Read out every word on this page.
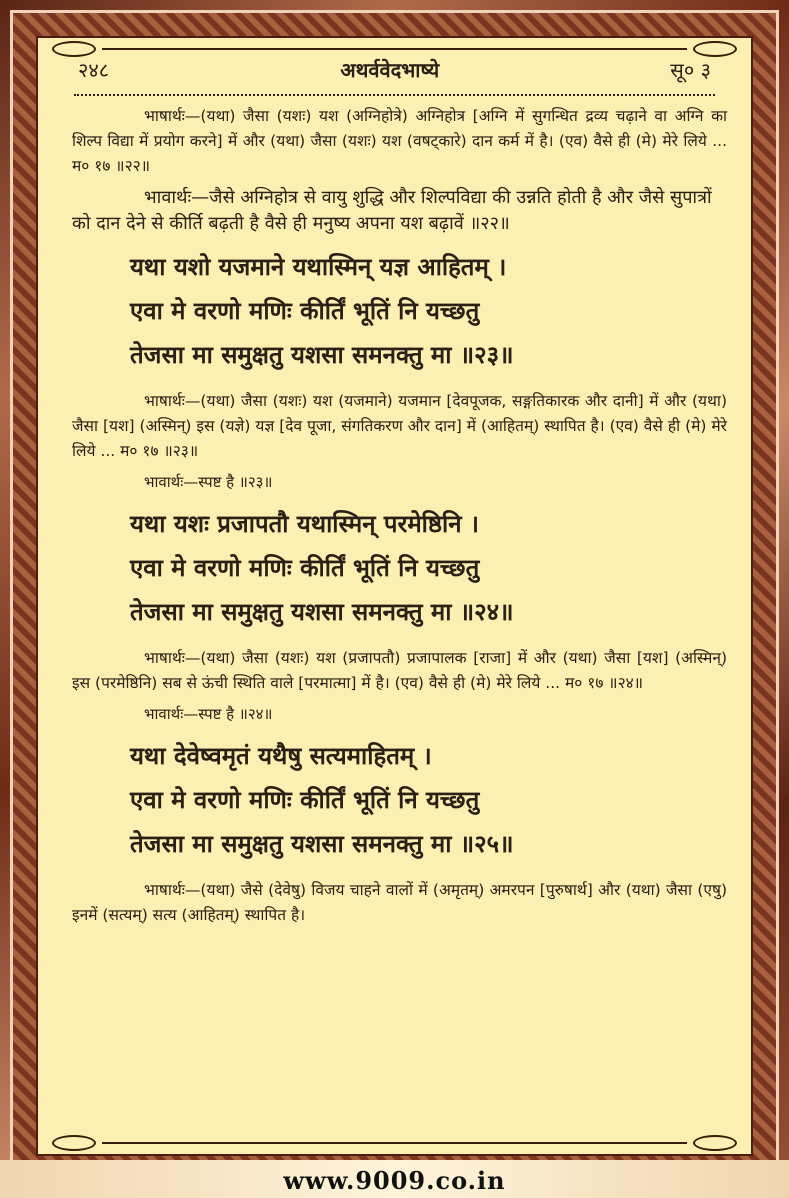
२४८	अथर्ववेदभाष्ये	सू० ३

भाषार्थः—(यथा) जैसा (यशः) यश (अग्निहोत्रे) अग्निहोत्र [अग्नि में सुगन्धित द्रव्य चढ़ाने वा अग्नि का शिल्प विद्या में प्रयोग करने] में और (यथा) जैसा (यशः) यश (वषट्कारे) दान कर्म में है। (एव) वैसे ही (मे) मेरे लिये ... म० १७ ॥२२॥

भावार्थः—जैसे अग्निहोत्र से वायु शुद्धि और शिल्पविद्या की उन्नति होती है और जैसे सुपात्रों को दान देने से कीर्ति बढ़ती है वैसे ही मनुष्य अपना यश बढ़ावें ॥२२॥

यथा यशो यजमाने यथास्मिन् यज्ञ आहितम् ।
एवा मे वरणो मणिः कीर्तिं भूतिं नि यच्छतु
तेजसा मा समुक्षतु यशसा समनक्तु मा ॥२३॥

भाषार्थः—(यथा) जैसा (यशः) यश (यजमाने) यजमान [देवपूजक, सङ्गतिकारक और दानी] में और (यथा) जैसा [यश] (अस्मिन्) इस (यज्ञे) यज्ञ [देव पूजा, संगतिकरण और दान] में (आहितम्) स्थापित है। (एव) वैसे ही (मे) मेरे लिये ... म० १७ ॥२३॥

भावार्थः—स्पष्ट है ॥२३॥

यथा यशः प्रजापतौ यथास्मिन् परमेष्ठिनि ।
एवा मे वरणो मणिः कीर्तिं भूतिं नि यच्छतु
तेजसा मा समुक्षतु यशसा समनक्तु मा ॥२४॥

भाषार्थः—(यथा) जैसा (यशः) यश (प्रजापतौ) प्रजापालक [राजा] में और (यथा) जैसा [यश] (अस्मिन्) इस (परमेष्ठिनि) सब से ऊंची स्थिति वाले [परमात्मा] में है। (एव) वैसे ही (मे) मेरे लिये ... म० १७ ॥२४॥

भावार्थः—स्पष्ट है ॥२४॥

यथा देवेष्वमृतं यथैषु सत्यमाहितम् ।
एवा मे वरणो मणिः कीर्तिं भूतिं नि यच्छतु
तेजसा मा समुक्षतु यशसा समनक्तु मा ॥२५॥

भाषार्थः—(यथा) जैसे (देवेषु) विजय चाहने वालों में (अमृतम्) अमरपन [पुरुषार्थ] और (यथा) जैसा (एषु) इनमें (सत्यम्) सत्य (आहितम्) स्थापित है।

www.9009.co.in
